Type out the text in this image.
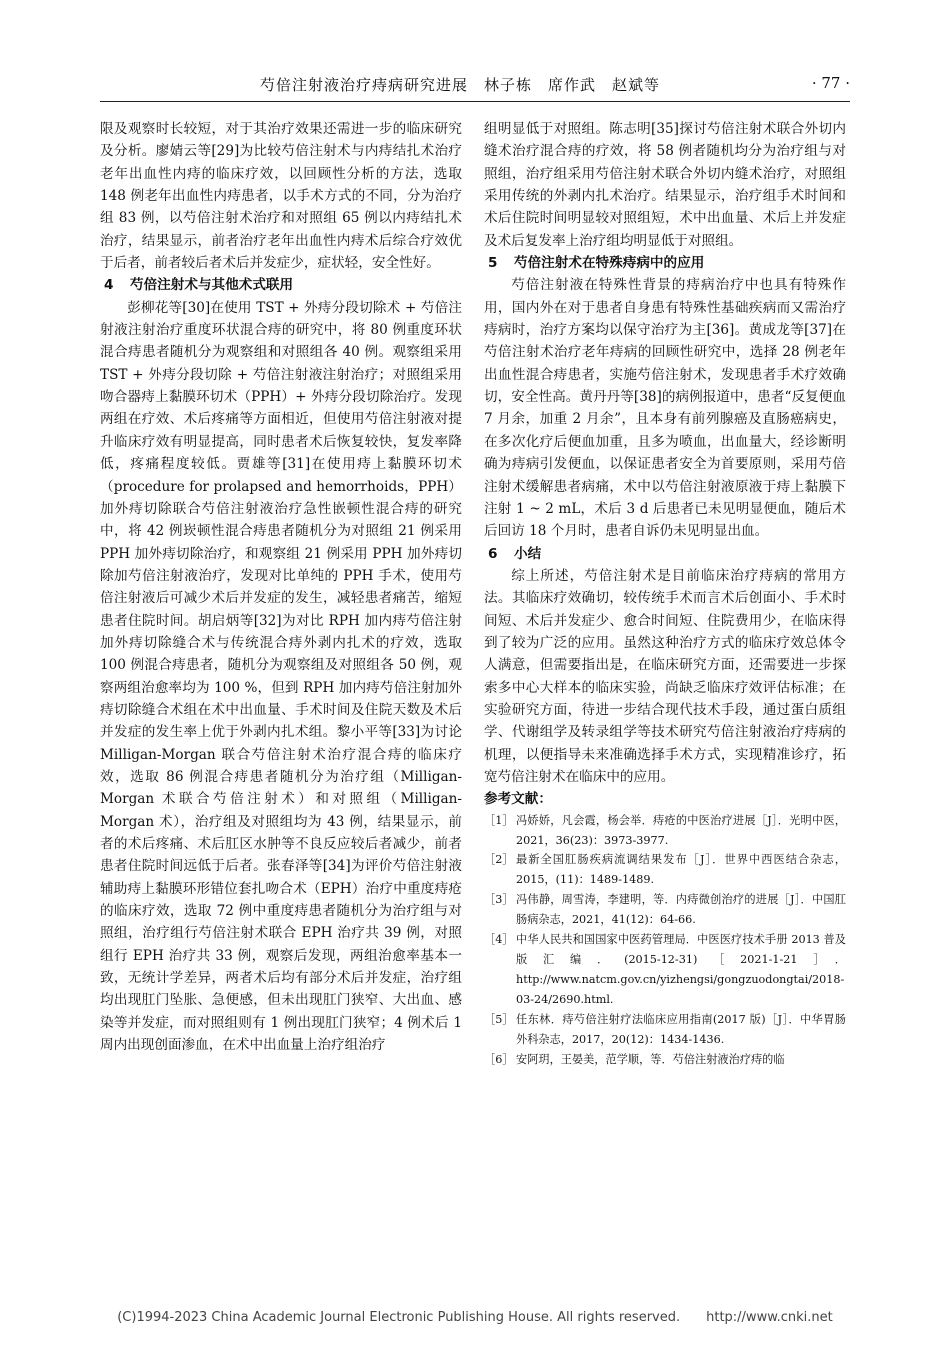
芍倍注射液治疗痔病研究进展　林子栋　席作武　赵斌等	· 77 ·

限及观察时长较短，对于其治疗效果还需进一步的临床研究及分析。廖婧云等[29]为比较芍倍注射术与内痔结扎术治疗老年出血性内痔的临床疗效，以回顾性分析的方法，选取 148 例老年出血性内痔患者，以手术方式的不同，分为治疗组 83 例，以芍倍注射术治疗和对照组 65 例以内痔结扎术治疗，结果显示，前者治疗老年出血性内痔术后综合疗效优于后者，前者较后者术后并发症少，症状轻，安全性好。

4 芍倍注射术与其他术式联用

彭柳花等[30]在使用 TST + 外痔分段切除术 + 芍倍注射液注射治疗重度环状混合痔的研究中，将 80 例重度环状混合痔患者随机分为观察组和对照组各 40 例。观察组采用 TST + 外痔分段切除 + 芍倍注射液注射治疗；对照组采用吻合器痔上黏膜环切术（PPH）+ 外痔分段切除治疗。发现两组在疗效、术后疼痛等方面相近，但使用芍倍注射液对提升临床疗效有明显提高，同时患者术后恢复较快，复发率降低，疼痛程度较低。贾雄等[31]在使用痔上黏膜环切术（procedure for prolapsed and hemorrhoids，PPH）加外痔切除联合芍倍注射液治疗急性嵌顿性混合痔的研究中，将 42 例崁顿性混合痔患者随机分为对照组 21 例采用 PPH 加外痔切除治疗，和观察组 21 例采用 PPH 加外痔切除加芍倍注射液治疗，发现对比单纯的 PPH 手术，使用芍倍注射液后可减少术后并发症的发生，减轻患者痛苦，缩短患者住院时间。胡启炳等[32]为对比 RPH 加内痔芍倍注射加外痔切除缝合术与传统混合痔外剥内扎术的疗效，选取 100 例混合痔患者，随机分为观察组及对照组各 50 例，观察两组治愈率均为 100 %，但到 RPH 加内痔芍倍注射加外痔切除缝合术组在术中出血量、手术时间及住院天数及术后并发症的发生率上优于外剥内扎术组。黎小平等[33]为讨论 Milligan-Morgan 联合芍倍注射术治疗混合痔的临床疗效，选取 86 例混合痔患者随机分为治疗组（Milligan-Morgan 术联合芍倍注射术）和对照组（Milligan-Morgan 术），治疗组及对照组均为 43 例，结果显示，前者的术后疼痛、术后肛区水肿等不良反应较后者减少，前者患者住院时间远低于后者。张春泽等[34]为评价芍倍注射液辅助痔上黏膜环形错位套扎吻合术（EPH）治疗中重度痔疮的临床疗效，选取 72 例中重度痔患者随机分为治疗组与对照组，治疗组行芍倍注射术联合 EPH 治疗共 39 例，对照组行 EPH 治疗共 33 例，观察后发现，两组治愈率基本一致，无统计学差异，两者术后均有部分术后并发症，治疗组均出现肛门坠胀、急便感，但未出现肛门狭窄、大出血、感染等并发症，而对照组则有 1 例出现肛门狭窄；4 例术后 1 周内出现创面渗血，在术中出血量上治疗组治疗

组明显低于对照组。陈志明[35]探讨芍倍注射术联合外切内缝术治疗混合痔的疗效，将 58 例者随机均分为治疗组与对照组，治疗组采用芍倍注射术联合外切内缝术治疗，对照组采用传统的外剥内扎术治疗。结果显示，治疗组手术时间和术后住院时间明显较对照组短，术中出血量、术后上并发症及术后复发率上治疗组均明显低于对照组。

5 芍倍注射术在特殊痔病中的应用

芍倍注射液在特殊性背景的痔病治疗中也具有特殊作用，国内外在对于患者自身患有特殊性基础疾病而又需治疗痔病时，治疗方案均以保守治疗为主[36]。黄成龙等[37]在芍倍注射术治疗老年痔病的回顾性研究中，选择 28 例老年出血性混合痔患者，实施芍倍注射术，发现患者手术疗效确切，安全性高。黄丹丹等[38]的病例报道中，患者“反复便血 7 月余，加重 2 月余”，且本身有前列腺癌及直肠癌病史，在多次化疗后便血加重，且多为喷血，出血量大，经诊断明确为痔病引发便血，以保证患者安全为首要原则，采用芍倍注射术缓解患者病痛，术中以芍倍注射液原液于痔上黏膜下注射 1 ~ 2 mL，术后 3 d 后患者已未见明显便血，随后术后回访 18 个月时，患者自诉仍未见明显出血。

6 小结

综上所述，芍倍注射术是目前临床治疗痔病的常用方法。其临床疗效确切，较传统手术而言术后创面小、手术时间短、术后并发症少、愈合时间短、住院费用少，在临床得到了较为广泛的应用。虽然这种治疗方式的临床疗效总体令人满意，但需要指出是，在临床研究方面，还需要进一步探索多中心大样本的临床实验，尚缺乏临床疗效评估标准；在实验研究方面，待进一步结合现代技术手段，通过蛋白质组学、代谢组学及转录组学等技术研究芍倍注射液治疗痔病的机理，以便指导未来准确选择手术方式，实现精准诊疗，拓宽芍倍注射术在临床中的应用。

参考文献：

［1］ 冯娇娇，凡会霞，杨会举．痔疮的中医治疗进展［J］．光明中医，2021，36(23)：3973-3977.
［2］ 最新全国肛肠疾病流调结果发布［J］．世界中西医结合杂志，2015，(11)：1489-1489.
［3］ 冯伟静，周雪涛，李建明，等．内痔微创治疗的进展［J］．中国肛肠病杂志，2021，41(12)：64-66.
［4］ 中华人民共和国国家中医药管理局．中医医疗技术手册 2013 普及版汇编．(2015-12-31)［2021-1-21］．http://www.natcm.gov.cn/yizhengsi/gongzuodongtai/2018-03-24/2690.html.
［5］ 任东林．痔芍倍注射疗法临床应用指南(2017 版)［J］．中华胃肠外科杂志，2017，20(12)：1434-1436.
［6］ 安阿玥，王晏美，范学顺，等．芍倍注射液治疗痔的临
(C)1994-2023 China Academic Journal Electronic Publishing House. All rights reserved.　　http://www.cnki.net
